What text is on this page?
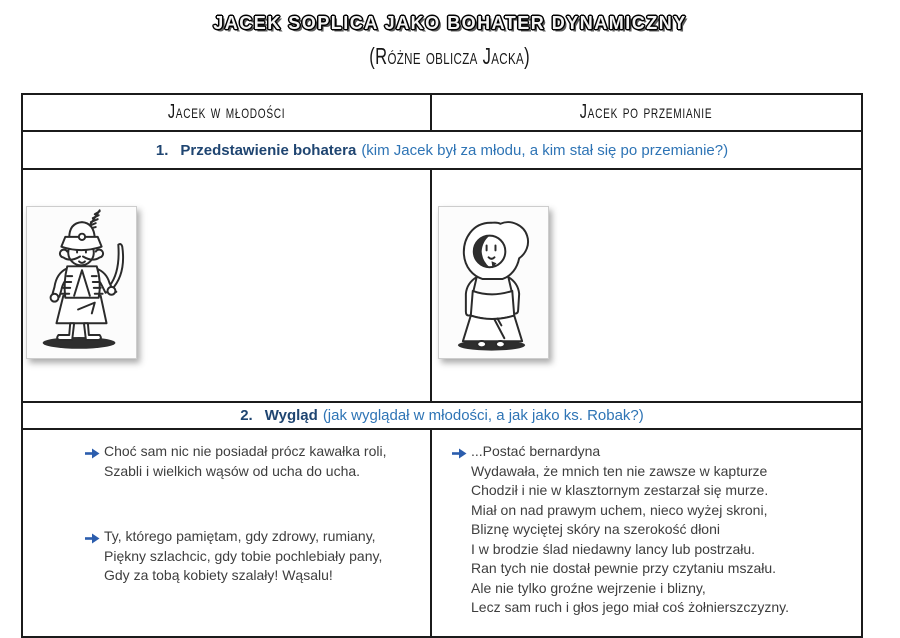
JACEK SOPLICA JAKO BOHATER DYNAMICZNY
(Różne oblicza Jacka)
Jacek w młodości	Jacek po przemianie
1. Przedstawienie bohatera (kim Jacek był za młodu, a kim stał się po przemianie?)
2. Wygląd (jak wyglądał w młodości, a jak jako ks. Robak?)
Choć sam nic nie posiadał prócz kawałka roli,
Szabli i wielkich wąsów od ucha do ucha.
Ty, którego pamiętam, gdy zdrowy, rumiany,
Piękny szlachcic, gdy tobie pochlebiały pany,
Gdy za tobą kobiety szalały! Wąsalu!
...Postać bernardyna
Wydawała, że mnich ten nie zawsze w kapturze
Chodził i nie w klasztornym zestarzał się murze.
Miał on nad prawym uchem, nieco wyżej skroni,
Bliznę wyciętej skóry na szerokość dłoni
I w brodzie ślad niedawny lancy lub postrzału.
Ran tych nie dostał pewnie przy czytaniu mszału.
Ale nie tylko groźne wejrzenie i blizny,
Lecz sam ruch i głos jego miał coś żołnierszczyzny.
